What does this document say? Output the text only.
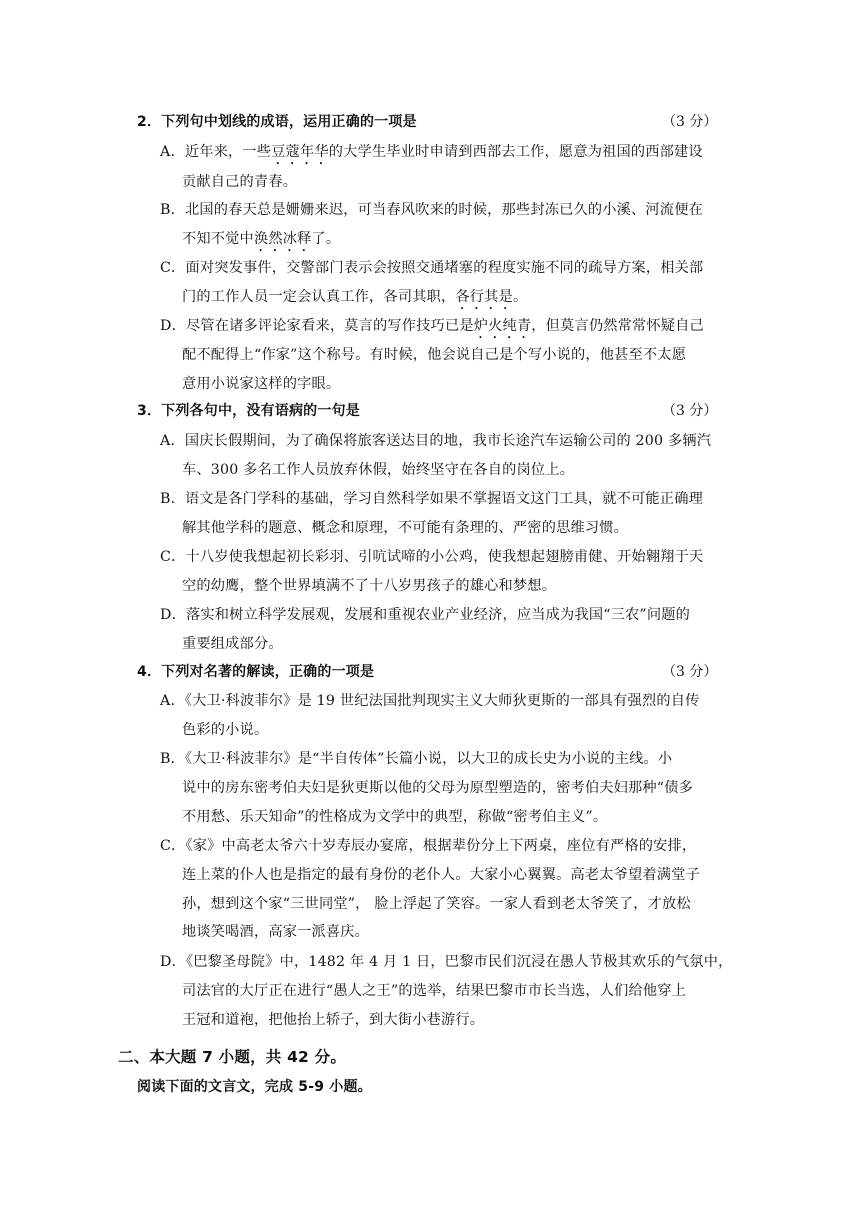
2．下列句中划线的成语，运用正确的一项是	（3 分）
A．近年来，一些豆蔻年华的大学生毕业时申请到西部去工作，愿意为祖国的西部建设
贡献自己的青春。
B．北国的春天总是姗姗来迟，可当春风吹来的时候，那些封冻已久的小溪、河流便在
不知不觉中涣然冰释了。
C．面对突发事件，交警部门表示会按照交通堵塞的程度实施不同的疏导方案，相关部
门的工作人员一定会认真工作，各司其职，各行其是。
D．尽管在诸多评论家看来，莫言的写作技巧已是炉火纯青，但莫言仍然常常怀疑自己
配不配得上“作家”这个称号。有时候，他会说自己是个写小说的，他甚至不太愿
意用小说家这样的字眼。
3．下列各句中，没有语病的一句是	（3 分）
A．国庆长假期间，为了确保将旅客送达目的地，我市长途汽车运输公司的 200 多辆汽
车、300 多名工作人员放弃休假，始终坚守在各自的岗位上。
B．语文是各门学科的基础，学习自然科学如果不掌握语文这门工具，就不可能正确理
解其他学科的题意、概念和原理，不可能有条理的、严密的思维习惯。
C．十八岁使我想起初长彩羽、引吭试啼的小公鸡，使我想起翅膀甫健、开始翱翔于天
空的幼鹰，整个世界填满不了十八岁男孩子的雄心和梦想。
D．落实和树立科学发展观，发展和重视农业产业经济，应当成为我国“三农”问题的
重要组成部分。
4．下列对名著的解读，正确的一项是	（3 分）
A．《大卫·科波菲尔》是 19 世纪法国批判现实主义大师狄更斯的一部具有强烈的自传
色彩的小说。
B．《大卫·科波菲尔》是“半自传体”长篇小说，以大卫的成长史为小说的主线。小
说中的房东密考伯夫妇是狄更斯以他的父母为原型塑造的，密考伯夫妇那种“债多
不用愁、乐天知命”的性格成为文学中的典型，称做“密考伯主义”。
C．《家》中高老太爷六十岁寿辰办宴席，根据辈份分上下两桌，座位有严格的安排，
连上菜的仆人也是指定的最有身份的老仆人。大家小心翼翼。高老太爷望着满堂子
孙，想到这个家“三世同堂”， 脸上浮起了笑容。一家人看到老太爷笑了，才放松
地谈笑喝酒，高家一派喜庆。
D．《巴黎圣母院》中，1482 年 4 月 1 日，巴黎市民们沉浸在愚人节极其欢乐的气氛中，
司法官的大厅正在进行“愚人之王”的选举，结果巴黎市市长当选，人们给他穿上
王冠和道袍，把他抬上轿子，到大街小巷游行。
二、本大题 7 小题，共 42 分。
阅读下面的文言文，完成 5-9 小题。
